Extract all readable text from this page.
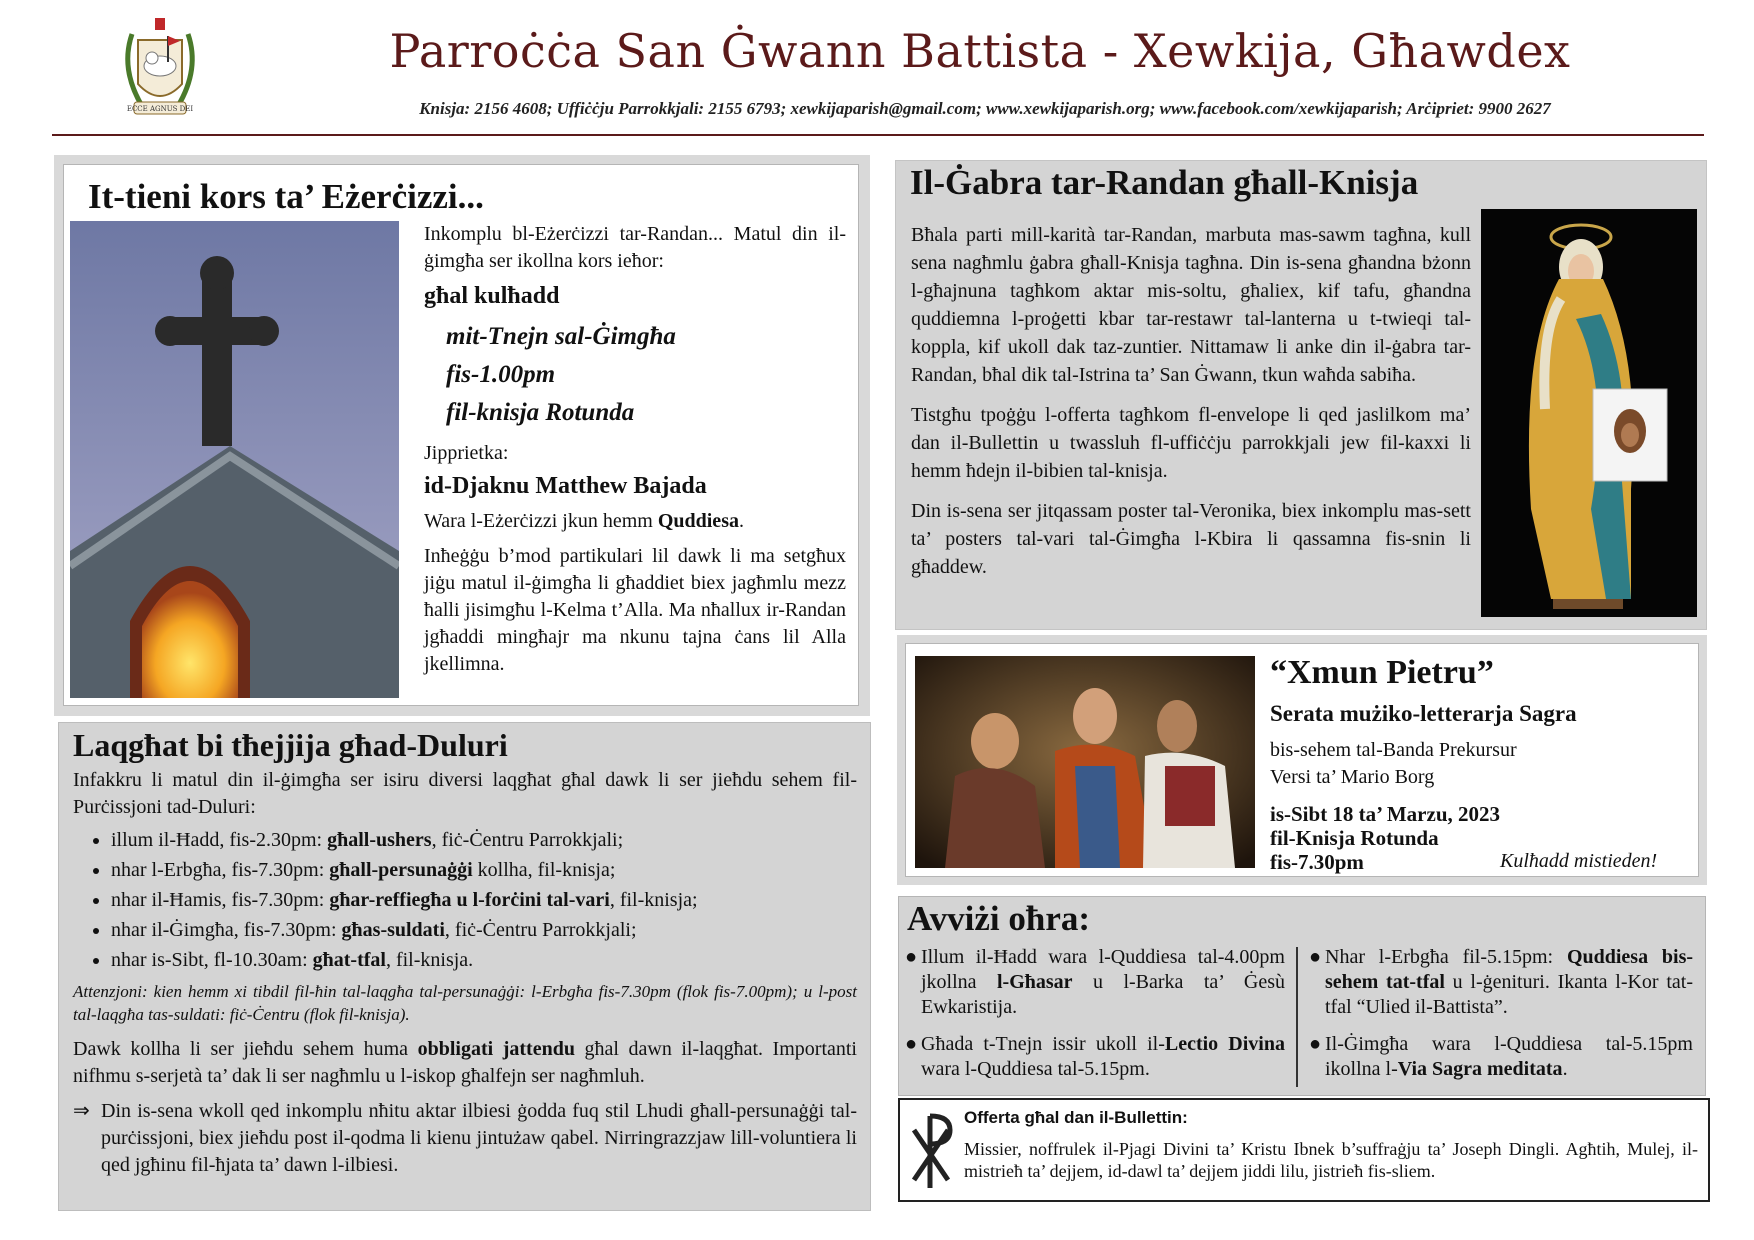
ECCE AGNUS DEI
Parroċċa San Ġwann Battista - Xewkija, Għawdex
Knisja: 2156 4608; Uffiċċju Parrokkjali: 2155 6793; xewkijaparish@gmail.com; www.xewkijaparish.org; www.facebook.com/xewkijaparish; Arċipriet: 9900 2627
It-tieni kors ta’ Eżerċizzi...
Inkomplu bl-Eżerċizzi tar-Randan... Matul din il-ġimgħa ser ikollna kors ieħor:
għal kulħadd
mit-Tnejn sal-Ġimgħa
fis-1.00pm
fil-knisja Rotunda
Jipprietka:
id-Djaknu Matthew Bajada
Wara l-Eżerċizzi jkun hemm Quddiesa.
Inħeġġu b’mod partikulari lil dawk li ma setgħux jiġu matul il-ġimgħa li għaddiet biex jagħmlu mezz ħalli jisimgħu l-Kelma t’Alla. Ma nħallux ir-Randan jgħaddi mingħajr ma nkunu tajna ċans lil Alla jkellimna.
Laqgħat bi tħejjija għad-Duluri
Infakkru li matul din il-ġimgħa ser isiru diversi laqgħat għal dawk li ser jieħdu sehem fil-Purċissjoni tad-Duluri:
• illum il-Ħadd, fis-2.30pm: għall-ushers, fiċ-Ċentru Parrokkjali;
• nhar l-Erbgħa, fis-7.30pm: għall-persunaġġi kollha, fil-knisja;
• nhar il-Ħamis, fis-7.30pm: għar-reffiegħa u l-forċini tal-vari, fil-knisja;
• nhar il-Ġimgħa, fis-7.30pm: għas-suldati, fiċ-Ċentru Parrokkjali;
• nhar is-Sibt, fl-10.30am: għat-tfal, fil-knisja.
Attenzjoni: kien hemm xi tibdil fil-ħin tal-laqgħa tal-persunaġġi: l-Erbgħa fis-7.30pm (flok fis-7.00pm); u l-post tal-laqgħa tas-suldati: fiċ-Ċentru (flok fil-knisja).
Dawk kollha li ser jieħdu sehem huma obbligati jattendu għal dawn il-laqgħat. Importanti nifhmu s-serjetà ta’ dak li ser nagħmlu u l-iskop għalfejn ser nagħmluh.
⇒ Din is-sena wkoll qed inkomplu nħitu aktar ilbiesi ġodda fuq stil Lhudi għall-persunaġġi tal-purċissjoni, biex jieħdu post il-qodma li kienu jintużaw qabel. Nirringrazzjaw lill-voluntiera li qed jgħinu fil-ħjata ta’ dawn l-ilbiesi.
Il-Ġabra tar-Randan għall-Knisja

Bħala parti mill-karità tar-Randan, marbuta mas-sawm tagħna, kull sena nagħmlu ġabra għall-Knisja tagħna. Din is-sena għandna bżonn l-għajnuna tagħkom aktar mis-soltu, għaliex, kif tafu, għandna quddiemna l-proġetti kbar tar-restawr tal-lanterna u t-twieqi tal-koppla, kif ukoll dak taz-zuntier. Nittamaw li anke din il-ġabra tar-Randan, bħal dik tal-Istrina ta’ San Ġwann, tkun waħda sabiħa.

Tistgħu tpoġġu l-offerta tagħkom fl-envelope li qed jaslilkom ma’ dan il-Bullettin u twassluh fl-uffiċċju parrokkjali jew fil-kaxxi li hemm ħdejn il-bibien tal-knisja.

Din is-sena ser jitqassam poster tal-Veronika, biex inkomplu mas-sett ta’ posters tal-vari tal-Ġimgħa l-Kbira li qassamna fis-snin li għaddew.

“Xmun Pietru”
Serata mużiko-letterarja Sagra
bis-sehem tal-Banda Prekursur
Versi ta’ Mario Borg
is-Sibt 18 ta’ Marzu, 2023
fil-Knisja Rotunda
fis-7.30pm	Kulħadd mistieden!
Avviżi oħra:
● Illum il-Ħadd wara l-Quddiesa tal-4.00pm jkollna l-Għasar u l-Barka ta’ Ġesù Ewkaristija.
● Għada t-Tnejn issir ukoll il-Lectio Divina wara l-Quddiesa tal-5.15pm.
● Nhar l-Erbgħa fil-5.15pm: Quddiesa bis-sehem tat-tfal u l-ġenituri. Ikanta l-Kor tat-tfal “Ulied il-Battista”.
● Il-Ġimgħa wara l-Quddiesa tal-5.15pm ikollna l-Via Sagra meditata.
Offerta għal dan il-Bullettin:
Missier, noffrulek il-Pjagi Divini ta’ Kristu Ibnek b’suffraġju ta’ Joseph Dingli. Agħtih, Mulej, il-mistrieħ ta’ dejjem, id-dawl ta’ dejjem jiddi lilu, jistrieħ fis-sliem.
